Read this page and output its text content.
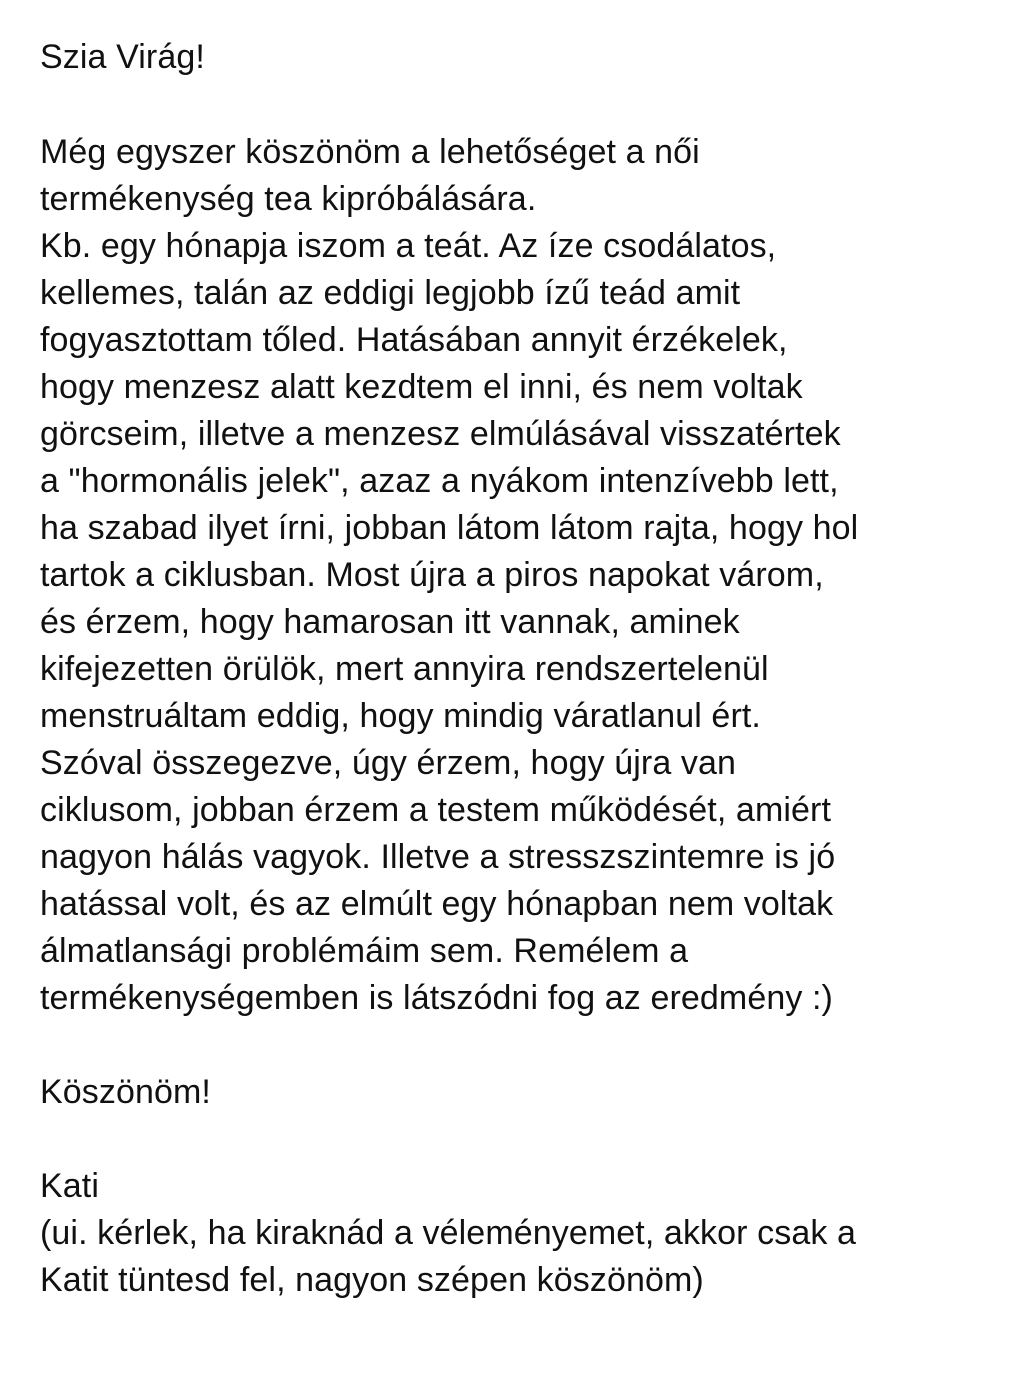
Szia Virág!
Még egyszer köszönöm a lehetőséget a női
termékenység tea kipróbálására.
Kb. egy hónapja iszom a teát. Az íze csodálatos,
kellemes, talán az eddigi legjobb ízű teád amit
fogyasztottam tőled. Hatásában annyit érzékelek,
hogy menzesz alatt kezdtem el inni, és nem voltak
görcseim, illetve a menzesz elmúlásával visszatértek
a "hormonális jelek", azaz a nyákom intenzívebb lett,
ha szabad ilyet írni, jobban látom látom rajta, hogy hol
tartok a ciklusban. Most újra a piros napokat várom,
és érzem, hogy hamarosan itt vannak, aminek
kifejezetten örülök, mert annyira rendszertelenül
menstruáltam eddig, hogy mindig váratlanul ért.
Szóval összegezve, úgy érzem, hogy újra van
ciklusom, jobban érzem a testem működését, amiért
nagyon hálás vagyok. Illetve a stresszszintemre is jó
hatással volt, és az elmúlt egy hónapban nem voltak
álmatlansági problémáim sem. Remélem a
termékenységemben is látszódni fog az eredmény :)
Köszönöm!
Kati
(ui. kérlek, ha kiraknád a véleményemet, akkor csak a
Katit tüntesd fel, nagyon szépen köszönöm)
